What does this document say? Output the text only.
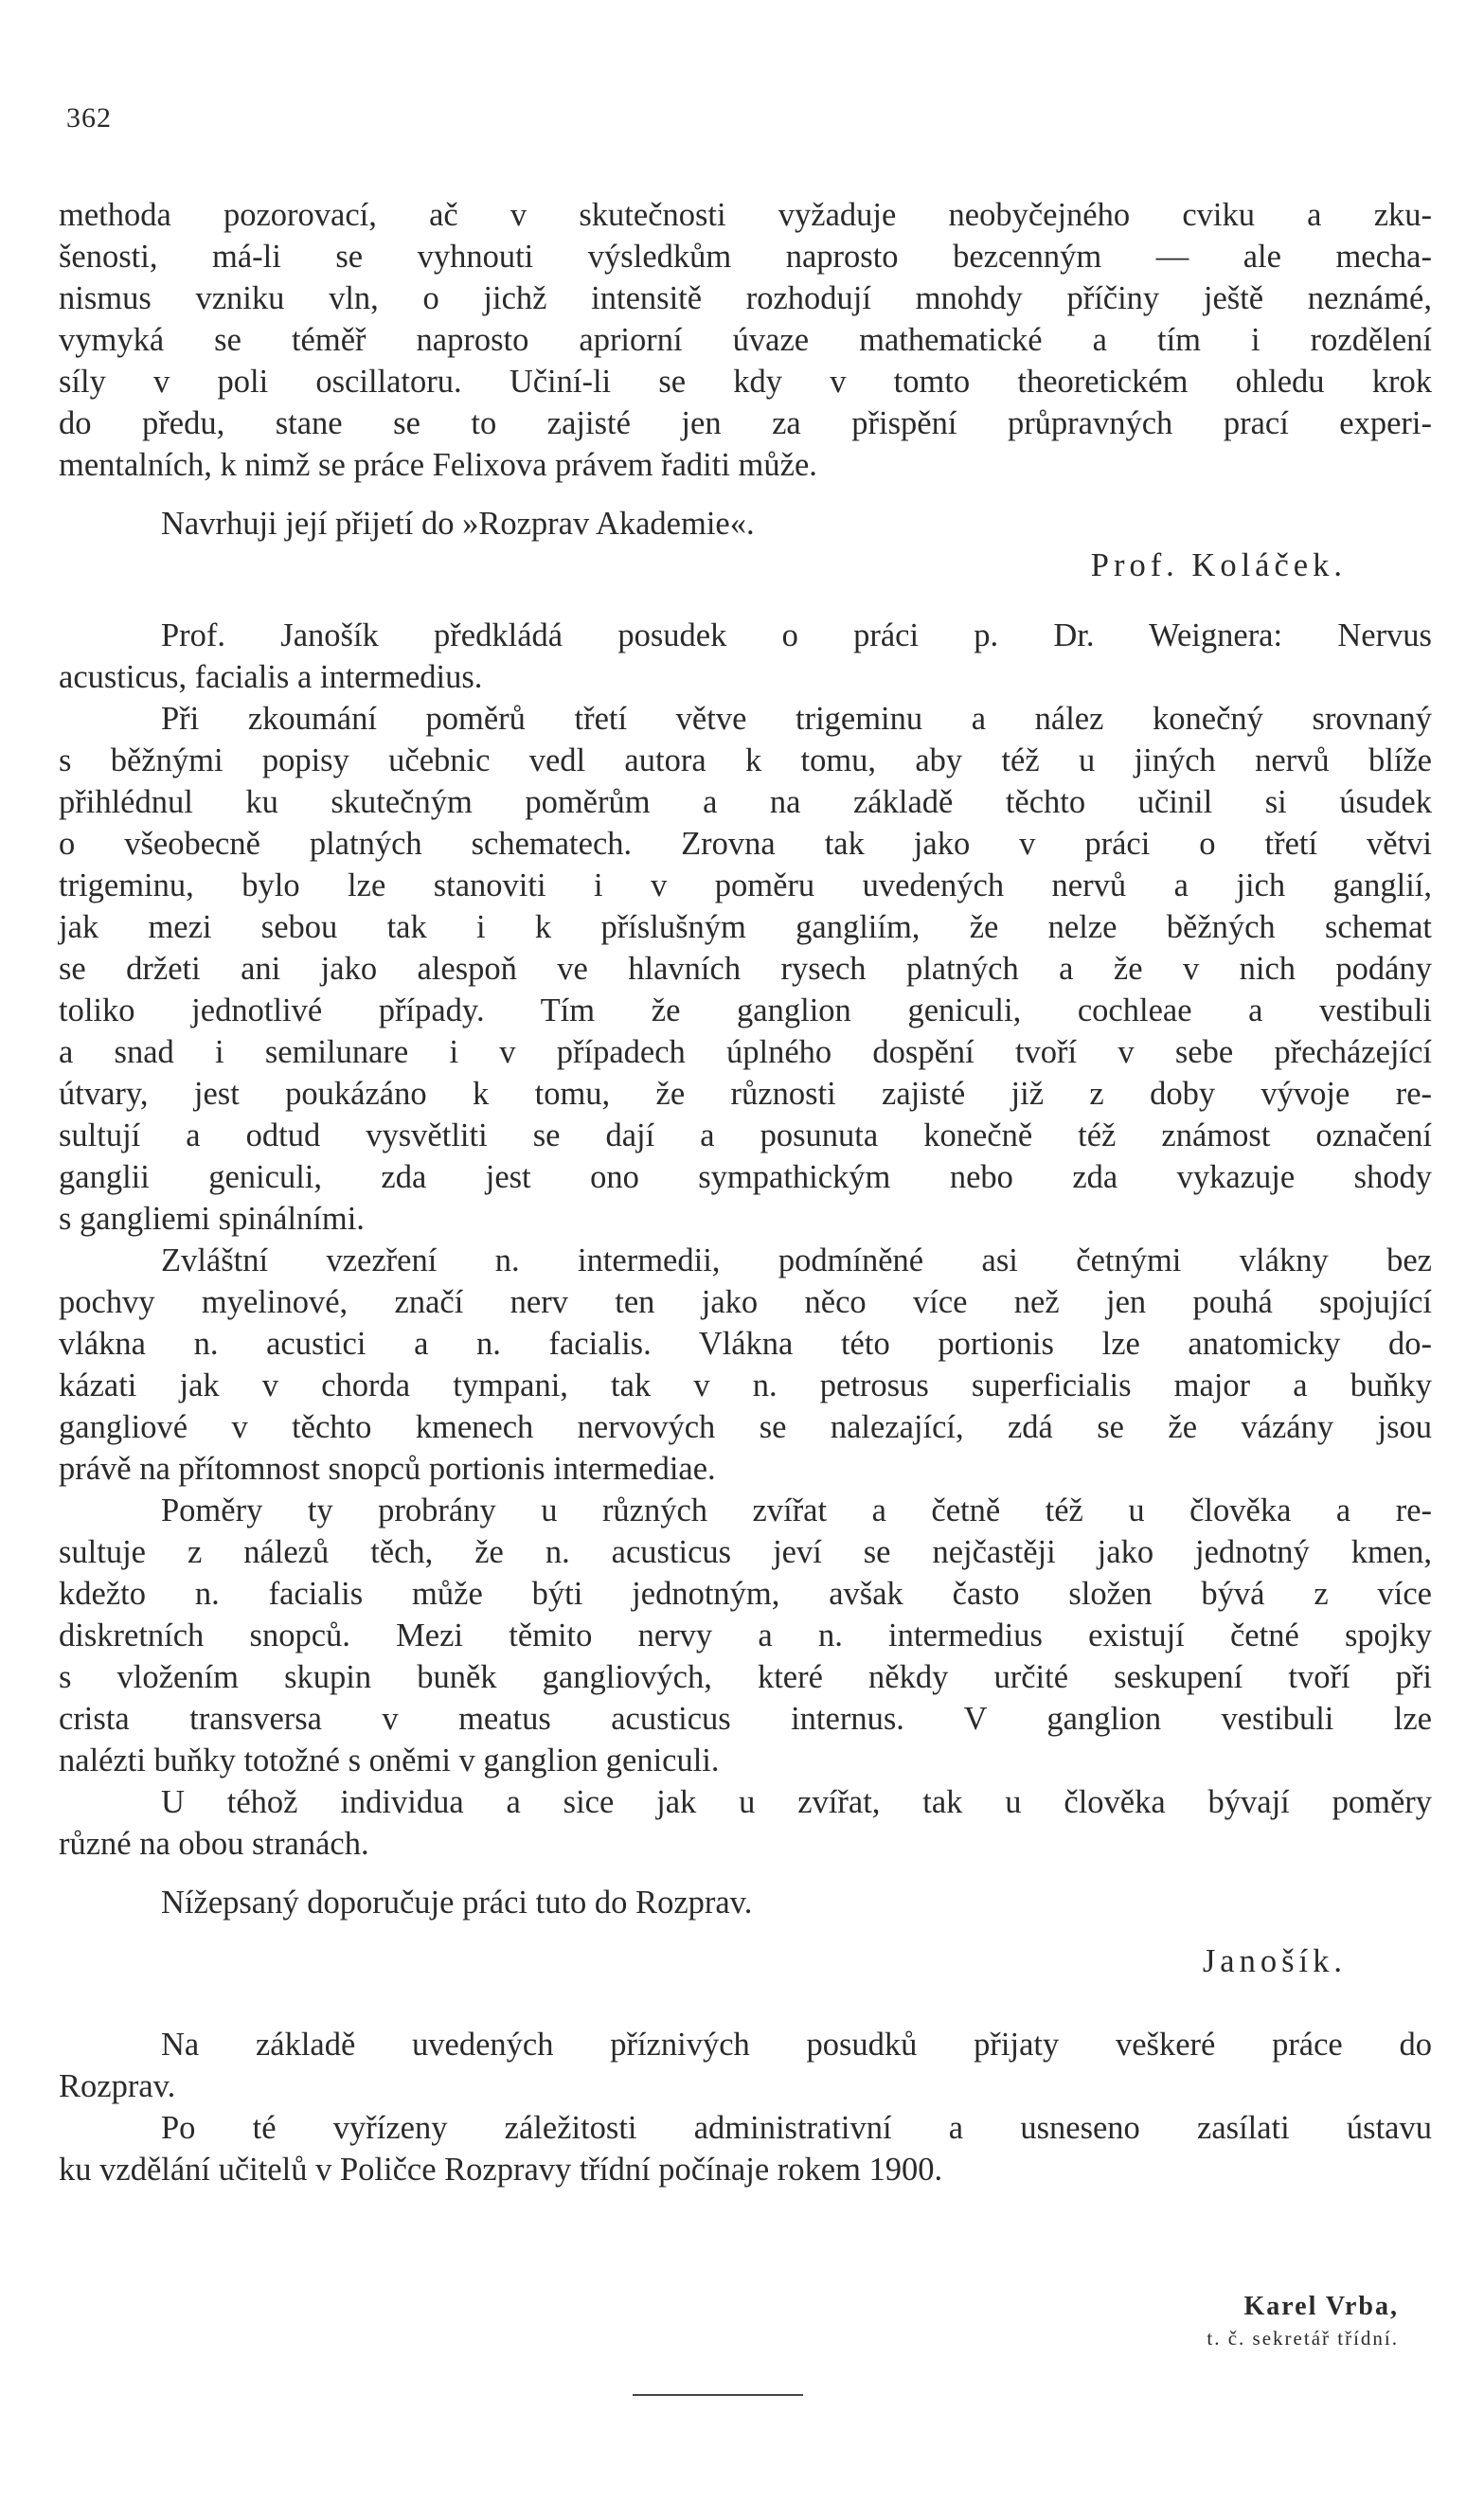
362
methoda pozorovací, ač v skutečnosti vyžaduje neobyčejného cviku a zku-
šenosti, má-li se vyhnouti výsledkům naprosto bezcenným — ale mecha-
nismus vzniku vln, o jichž intensitě rozhodují mnohdy příčiny ještě neznámé,
vymyká se téměř naprosto apriorní úvaze mathematické a tím i rozdělení
síly v poli oscillatoru. Učiní-li se kdy v tomto theoretickém ohledu krok
do předu, stane se to zajisté jen za přispění průpravných prací experi-
mentalních, k nimž se práce Felixova právem řaditi může.
Navrhuji její přijetí do »Rozprav Akademie«.
Prof. Koláček.
Prof. Janošík předkládá posudek o práci p. Dr. Weignera: Nervus
acusticus, facialis a intermedius.
Při zkoumání poměrů třetí větve trigeminu a nález konečný srovnaný
s běžnými popisy učebnic vedl autora k tomu, aby též u jiných nervů blíže
přihlédnul ku skutečným poměrům a na základě těchto učinil si úsudek
o všeobecně platných schematech. Zrovna tak jako v práci o třetí větvi
trigeminu, bylo lze stanoviti i v poměru uvedených nervů a jich ganglií,
jak mezi sebou tak i k příslušným gangliím, že nelze běžných schemat
se držeti ani jako alespoň ve hlavních rysech platných a že v nich podány
toliko jednotlivé případy. Tím že ganglion geniculi, cochleae a vestibuli
a snad i semilunare i v případech úplného dospění tvoří v sebe přecházející
útvary, jest poukázáno k tomu, že různosti zajisté již z doby vývoje re-
sultují a odtud vysvětliti se dají a posunuta konečně též známost označení
ganglii geniculi, zda jest ono sympathickým nebo zda vykazuje shody
s gangliemi spinálními.
Zvláštní vzezření n. intermedii, podmíněné asi četnými vlákny bez
pochvy myelinové, značí nerv ten jako něco více než jen pouhá spojující
vlákna n. acustici a n. facialis. Vlákna této portionis lze anatomicky do-
kázati jak v chorda tympani, tak v n. petrosus superficialis major a buňky
gangliové v těchto kmenech nervových se nalezající, zdá se že vázány jsou
právě na přítomnost snopců portionis intermediae.
Poměry ty probrány u různých zvířat a četně též u člověka a re-
sultuje z nálezů těch, že n. acusticus jeví se nejčastěji jako jednotný kmen,
kdežto n. facialis může býti jednotným, avšak často složen bývá z více
diskretních snopců. Mezi těmito nervy a n. intermedius existují četné spojky
s vložením skupin buněk gangliových, které někdy určité seskupení tvoří při
crista transversa v meatus acusticus internus. V ganglion vestibuli lze
nalézti buňky totožné s oněmi v ganglion geniculi.
U téhož individua a sice jak u zvířat, tak u člověka bývají poměry
různé na obou stranách.
Nížepsaný doporučuje práci tuto do Rozprav.
Janošík.
Na základě uvedených příznivých posudků přijaty veškeré práce do
Rozprav.
Po té vyřízeny záležitosti administrativní a usneseno zasílati ústavu
ku vzdělání učitelů v Poličce Rozpravy třídní počínaje rokem 1900.
Karel Vrba,
t. č. sekretář třídní.
